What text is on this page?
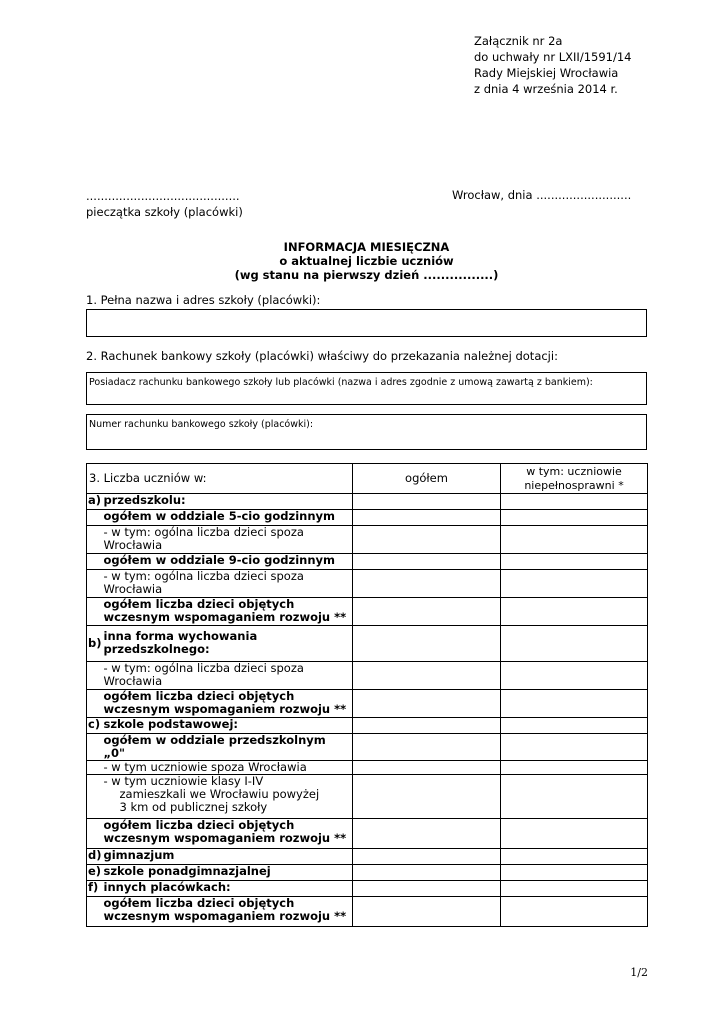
Załącznik nr 2a
do uchwały nr LXII/1591/14
Rady Miejskiej Wrocławia
z dnia 4 września 2014 r.
..........................................
pieczątka szkoły (placówki)
Wrocław, dnia ..........................
INFORMACJA MIESIĘCZNA
o aktualnej liczbie uczniów
(wg stanu na pierwszy dzień ................)
1. Pełna nazwa i adres szkoły (placówki):
2. Rachunek bankowy szkoły (placówki) właściwy do przekazania należnej dotacji:
Posiadacz rachunku bankowego szkoły lub placówki (nazwa i adres zgodnie z umową zawartą z bankiem):
Numer rachunku bankowego szkoły (placówki):
3. Liczba uczniów w:		ogółem	w tym: uczniowie niepełnosprawni *
a)	przedszkolu:		
	ogółem w oddziale 5-cio godzinnym		
	- w tym: ogólna liczba dzieci spoza Wrocławia		
	ogółem w oddziale 9-cio godzinnym		
	- w tym: ogólna liczba dzieci spoza Wrocławia		
	ogółem liczba dzieci objętych wczesnym wspomaganiem rozwoju **		
b)	inna forma wychowania przedszkolnego:		
	- w tym: ogólna liczba dzieci spoza Wrocławia		
	ogółem liczba dzieci objętych wczesnym wspomaganiem rozwoju **		
c)	szkole podstawowej:		
	ogółem w oddziale przedszkolnym „0"		
	- w tym uczniowie spoza Wrocławia		

	- w tym uczniowie klasy I-IV
zamieszkali we Wrocławiu powyżej
3 km od publicznej szkoły		

	ogółem liczba dzieci objętych wczesnym wspomaganiem rozwoju **		
d)	gimnazjum		
e)	szkole ponadgimnazjalnej		
f)	innych placówkach:		
	ogółem liczba dzieci objętych wczesnym wspomaganiem rozwoju **		
1/2
